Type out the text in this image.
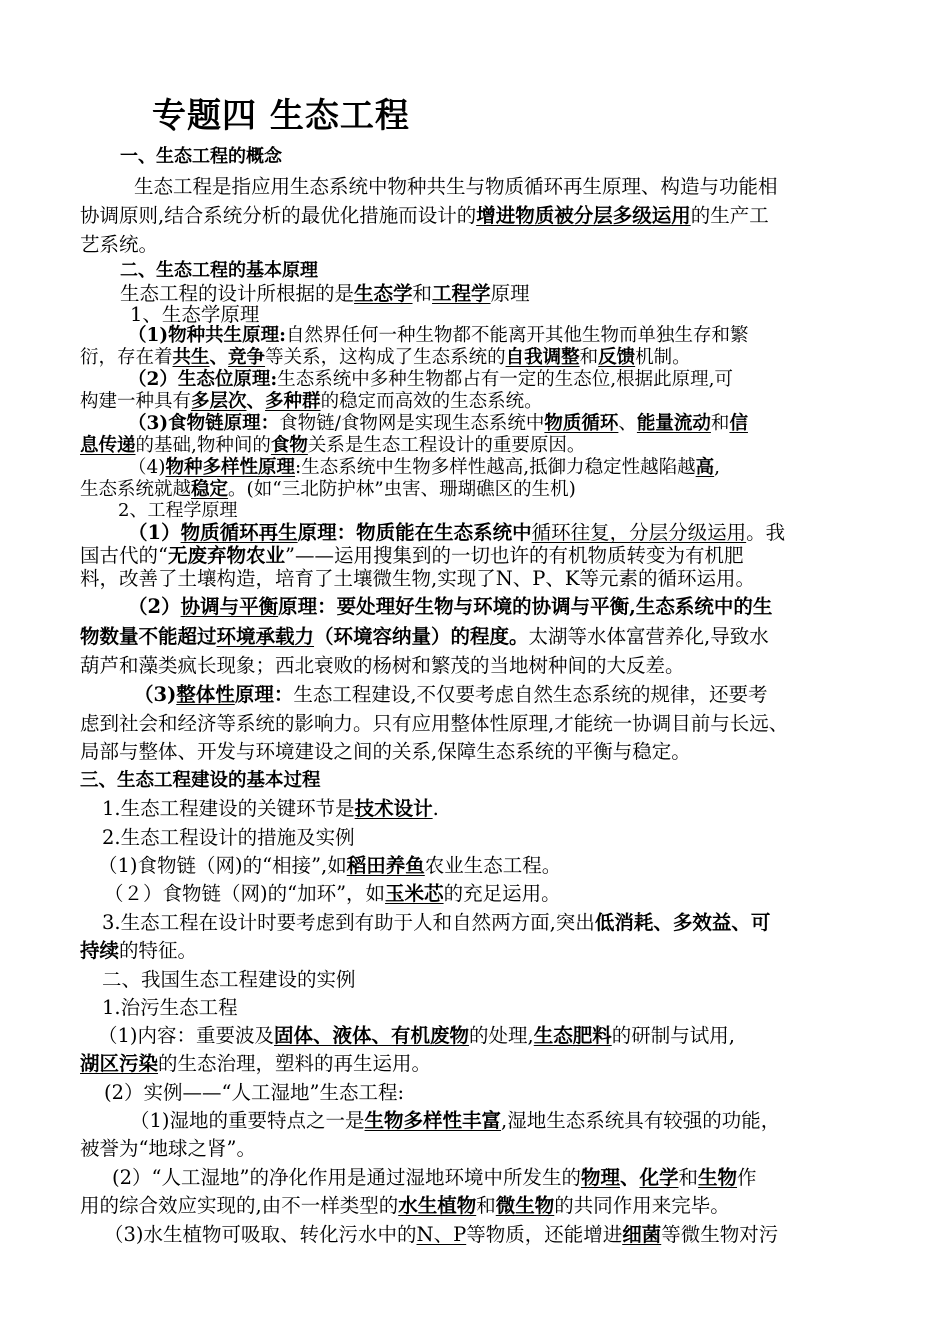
专题四 生态工程
一、生态工程的概念
生态工程是指应用生态系统中物种共生与物质循环再生原理、构造与功能相
协调原则,结合系统分析的最优化措施而设计的增进物质被分层多级运用的生产工
艺系统。
二、生态工程的基本原理
生态工程的设计所根据的是生态学和工程学原理
1、生态学原理
（1)物种共生原理:自然界任何一种生物都不能离开其他生物而单独生存和繁
衍，存在着共生、竞争等关系，这构成了生态系统的自我调整和反馈机制。
（2）生态位原理:生态系统中多种生物都占有一定的生态位,根据此原理,可
构建一种具有多层次、多种群的稳定而高效的生态系统。
（3)食物链原理：食物链/食物网是实现生态系统中物质循环、能量流动和信
息传递的基础,物种间的食物关系是生态工程设计的重要原因。
（4)物种多样性原理:生态系统中生物多样性越高,抵御力稳定性越陷越高,
生态系统就越稳定。(如“三北防护林”虫害、珊瑚礁区的生机)
2、工程学原理
（1）物质循环再生原理：物质能在生态系统中循环往复，分层分级运用。我
国古代的“无废弃物农业”——运用搜集到的一切也许的有机物质转变为有机肥
料，改善了土壤构造，培育了土壤微生物,实现了N、P、K等元素的循环运用。
（2）协调与平衡原理：要处理好生物与环境的协调与平衡,生态系统中的生
物数量不能超过环境承载力（环境容纳量）的程度。太湖等水体富营养化,导致水
葫芦和藻类疯长现象；西北衰败的杨树和繁茂的当地树种间的大反差。
（3)整体性原理：生态工程建设,不仅要考虑自然生态系统的规律，还要考
虑到社会和经济等系统的影响力。只有应用整体性原理,才能统一协调目前与长远、
局部与整体、开发与环境建设之间的关系,保障生态系统的平衡与稳定。
三、生态工程建设的基本过程
1.生态工程建设的关键环节是技术设计.
2.生态工程设计的措施及实例
（1)食物链（网)的“相接”,如稻田养鱼农业生态工程。
（２）食物链（网)的“加环”，如玉米芯的充足运用。
3.生态工程在设计时要考虑到有助于人和自然两方面,突出低消耗、多效益、可
持续的特征。
二、我国生态工程建设的实例
1.治污生态工程
（1)内容：重要波及固体、液体、有机废物的处理,生态肥料的研制与试用,
湖区污染的生态治理，塑料的再生运用。
(2）实例——“人工湿地”生态工程:
（1)湿地的重要特点之一是生物多样性丰富,湿地生态系统具有较强的功能，
被誉为“地球之肾”。
(2）“人工湿地”的净化作用是通过湿地环境中所发生的物理、化学和生物作
用的综合效应实现的,由不一样类型的水生植物和微生物的共同作用来完毕。
（3)水生植物可吸取、转化污水中的N、P等物质，还能增进细菌等微生物对污
